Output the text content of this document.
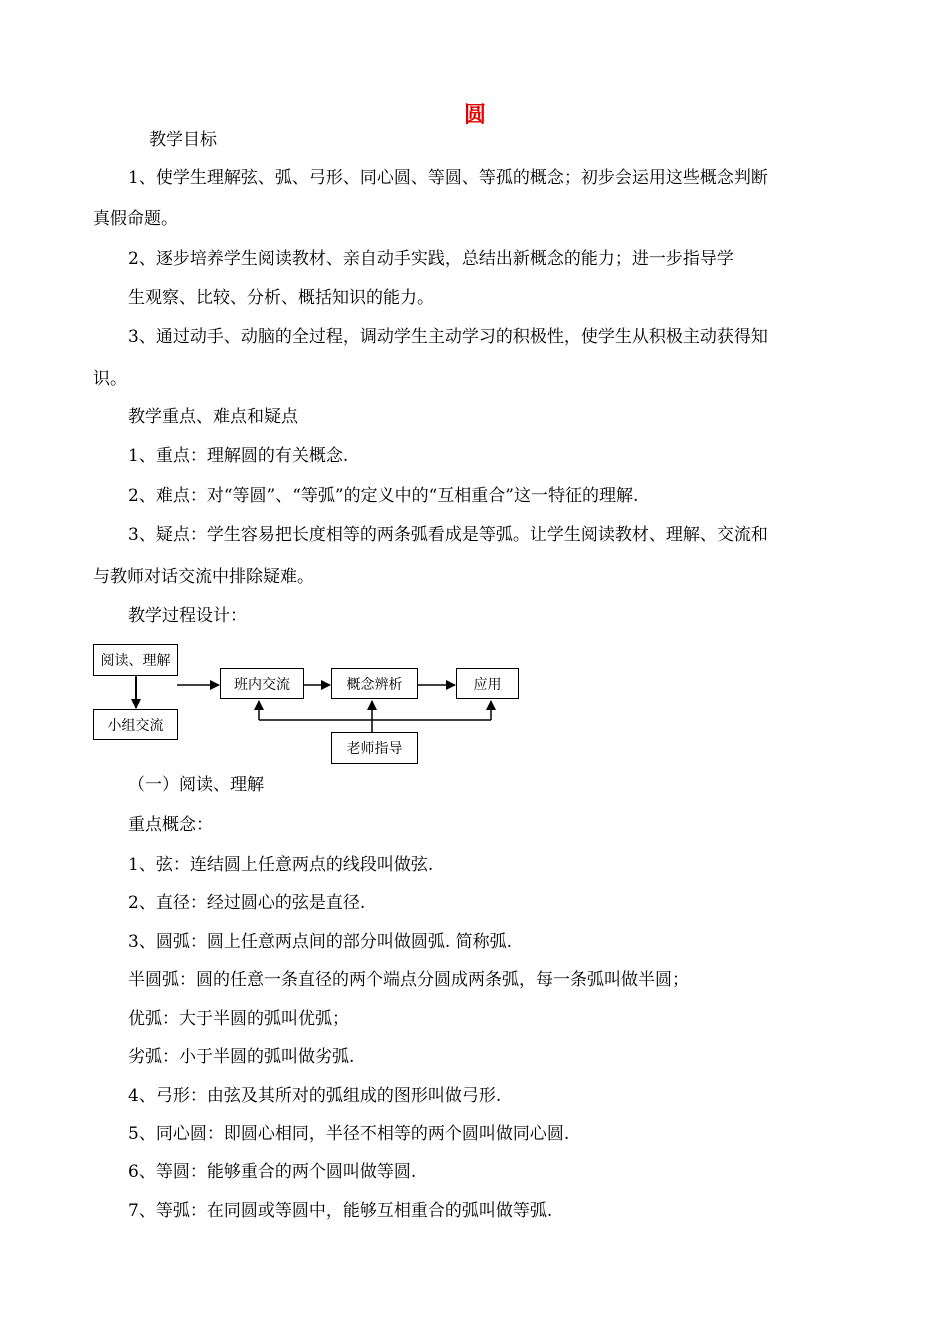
圆
教学目标
1、使学生理解弦、弧、弓形、同心圆、等圆、等孤的概念；初步会运用这些概念判断
真假命题。
2、逐步培养学生阅读教材、亲自动手实践，总结出新概念的能力；进一步指导学
生观察、比较、分析、概括知识的能力。
3、通过动手、动脑的全过程，调动学生主动学习的积极性，使学生从积极主动获得知
识。
教学重点、难点和疑点
1、重点：理解圆的有关概念.
2、难点：对“等圆”、“等弧”的定义中的“互相重合”这一特征的理解.
3、疑点：学生容易把长度相等的两条弧看成是等弧。让学生阅读教材、理解、交流和
与教师对话交流中排除疑难。
教学过程设计：
阅读、理解
小组交流
班内交流	概念辨析	应用
老师指导
（一）阅读、理解
重点概念：
1、弦：连结圆上任意两点的线段叫做弦.
2、直径：经过圆心的弦是直径.
3、圆弧：圆上任意两点间的部分叫做圆弧. 简称弧.
半圆弧：圆的任意一条直径的两个端点分圆成两条弧，每一条弧叫做半圆；
优弧：大于半圆的弧叫优弧；
劣弧：小于半圆的弧叫做劣弧.
4、弓形：由弦及其所对的弧组成的图形叫做弓形.
5、同心圆：即圆心相同，半径不相等的两个圆叫做同心圆.
6、等圆：能够重合的两个圆叫做等圆.
7、等弧：在同圆或等圆中，能够互相重合的弧叫做等弧.
